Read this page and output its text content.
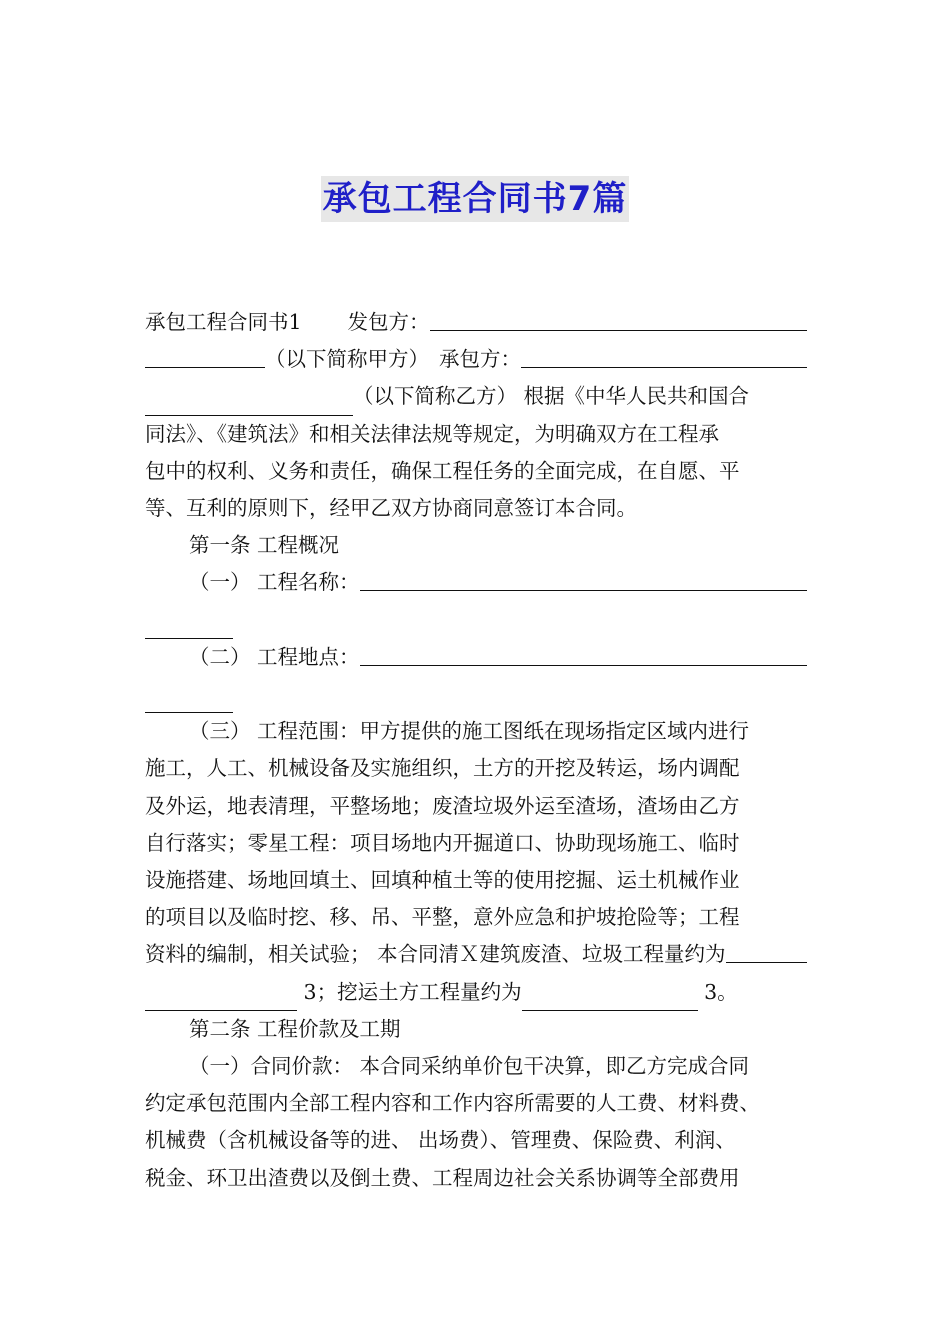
承包工程合同书7篇

承包工程合同书1 发包方：

（以下简称甲方） 承包方：

（以下简称乙方） 根据《中华人民共和国合

同法》、《建筑法》和相关法律法规等规定，为明确双方在工程承

包中的权利、义务和责任，确保工程任务的全面完成，在自愿、平

等、互利的原则下，经甲乙双方协商同意签订本合同。

第一条 工程概况

（一） 工程名称：

（二） 工程地点：

（三） 工程范围：甲方提供的施工图纸在现场指定区域内进行

施工，人工、机械设备及实施组织，土方的开挖及转运，场内调配

及外运，地表清理，平整场地；废渣垃圾外运至渣场，渣场由乙方

自行落实；零星工程：项目场地内开掘道口、协助现场施工、临时

设施搭建、场地回填土、回填种植土等的使用挖掘、运土机械作业

的项目以及临时挖、移、吊、平整，意外应急和护坡抢险等；工程

资料的编制，相关试验； 本合同清Ｘ建筑废渣、垃圾工程量约为

3；挖运土方工程量约为	3。

第二条 工程价款及工期

（一）合同价款： 本合同采纳单价包干决算，即乙方完成合同

约定承包范围内全部工程内容和工作内容所需要的人工费、材料费、

机械费（含机械设备等的进、 出场费）、管理费、保险费、利润、

税金、环卫出渣费以及倒土费、工程周边社会关系协调等全部费用
